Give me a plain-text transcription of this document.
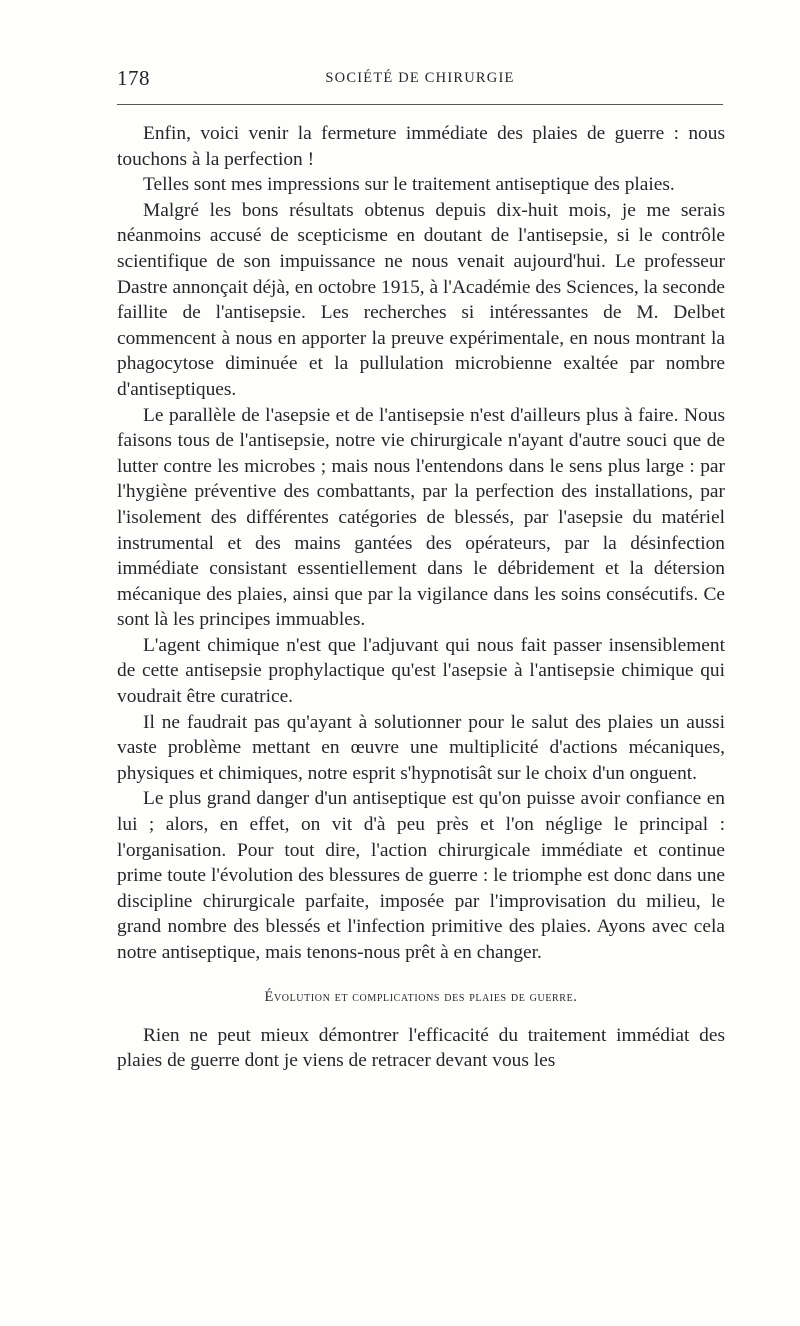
178	SOCIÉTÉ DE CHIRURGIE

Enfin, voici venir la fermeture immédiate des plaies de guerre : nous touchons à la perfection !

Telles sont mes impressions sur le traitement antiseptique des plaies.

Malgré les bons résultats obtenus depuis dix-huit mois, je me serais néanmoins accusé de scepticisme en doutant de l'antisepsie, si le contrôle scientifique de son impuissance ne nous venait aujourd'hui. Le professeur Dastre annonçait déjà, en octobre 1915, à l'Académie des Sciences, la seconde faillite de l'antisepsie. Les recherches si intéressantes de M. Delbet commencent à nous en apporter la preuve expérimentale, en nous montrant la phagocytose diminuée et la pullulation microbienne exaltée par nombre d'antiseptiques.

Le parallèle de l'asepsie et de l'antisepsie n'est d'ailleurs plus à faire. Nous faisons tous de l'antisepsie, notre vie chirurgicale n'ayant d'autre souci que de lutter contre les microbes ; mais nous l'entendons dans le sens plus large : par l'hygiène préventive des combattants, par la perfection des installations, par l'isolement des différentes catégories de blessés, par l'asepsie du matériel instrumental et des mains gantées des opérateurs, par la désinfection immédiate consistant essentiellement dans le débridement et la détersion mécanique des plaies, ainsi que par la vigilance dans les soins consécutifs. Ce sont là les principes immuables.

L'agent chimique n'est que l'adjuvant qui nous fait passer insensiblement de cette antisepsie prophylactique qu'est l'asepsie à l'antisepsie chimique qui voudrait être curatrice.

Il ne faudrait pas qu'ayant à solutionner pour le salut des plaies un aussi vaste problème mettant en œuvre une multiplicité d'actions mécaniques, physiques et chimiques, notre esprit s'hypnotisât sur le choix d'un onguent.

Le plus grand danger d'un antiseptique est qu'on puisse avoir confiance en lui ; alors, en effet, on vit d'à peu près et l'on néglige le principal : l'organisation. Pour tout dire, l'action chirurgicale immédiate et continue prime toute l'évolution des blessures de guerre : le triomphe est donc dans une discipline chirurgicale parfaite, imposée par l'improvisation du milieu, le grand nombre des blessés et l'infection primitive des plaies. Ayons avec cela notre antiseptique, mais tenons-nous prêt à en changer.

Évolution et complications des plaies de guerre.

Rien ne peut mieux démontrer l'efficacité du traitement immédiat des plaies de guerre dont je viens de retracer devant vous les
